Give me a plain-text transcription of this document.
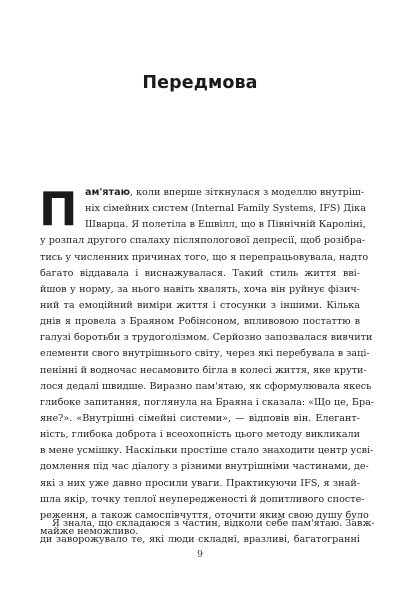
Передмова
П ам'ятаю, коли вперше зіткнулася з моделлю внутріш-
ніх сімейних систем (Internal Family Systems, IFS) Діка
Шварца. Я полетіла в Ешвілл, що в Північній Кароліні,
у розпал другого спалаху післяпологової депресії, щоб розібра-
тись у численних причинах того, що я перепрацьовувала, надто
багато віддавала і виснажувалася. Такий стиль життя вві-
йшов у норму, за нього навіть хвалять, хоча він руйнує фізич-
ний та емоційний виміри життя і стосунки з іншими. Кілька
днів я провела з Браяном Робінсоном, впливовою постаттю в
галузі боротьби з трудоголізмом. Серйозно запозвалася вивчити
елементи свого внутрішнього світу, через які перебувала в заці-
пенінні й водночас несамовито бігла в колесі життя, яке крути-
лося дедалі швидше. Виразно пам'ятаю, як сформулювала якесь
глибоке запитання, поглянула на Браяна і сказала: «Що це, Бра-
яне?». «Внутрішні сімейні системи», — відповів він. Елегант-
ність, глибока доброта і всеохопність цього методу викликали
в мене усмішку. Наскільки простіше стало знаходити центр усві-
домлення під час діалогу з різними внутрішніми частинами, де-
які з них уже давно просили уваги. Практикуючи IFS, я знай-
шла якір, точку теплої неупередженості й допитливого спосте-
реження, а також самоспівчуття, оточити яким свою душу було
майже неможливо.
Я знала, що складаюся з частин, відколи себе пам'ятаю. Завж-
ди заворожувало те, які люди складні, вразливі, багатогранні
9
